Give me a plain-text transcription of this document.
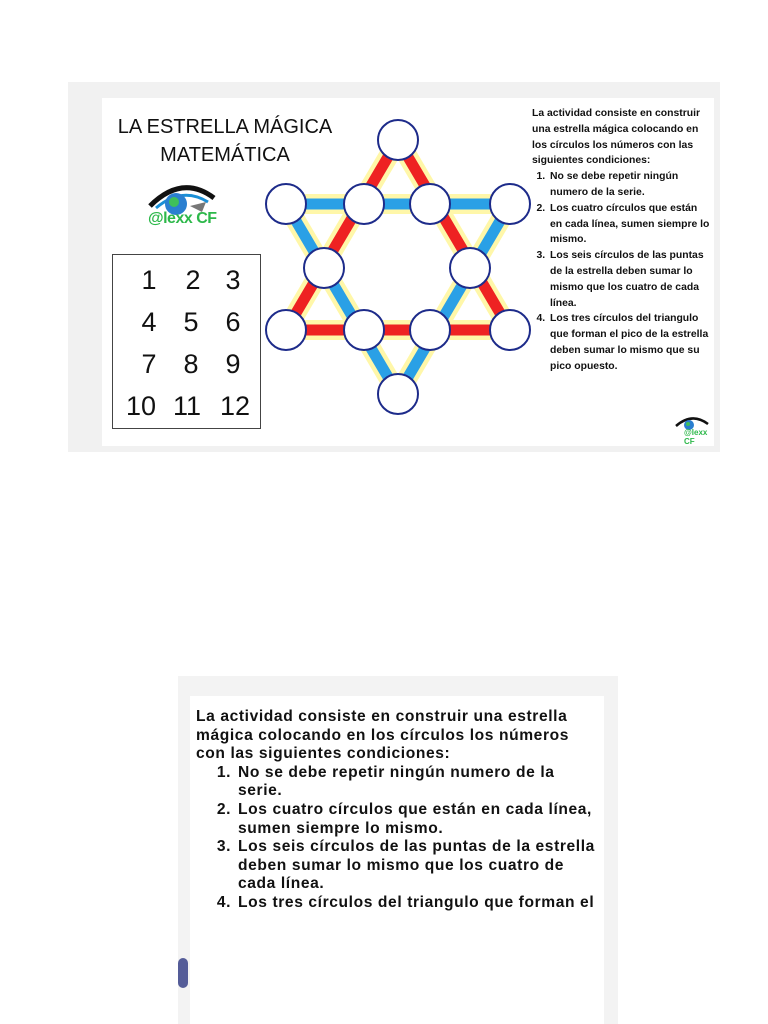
LA ESTRELLA MÁGICA
MATEMÁTICA
@lexx CF
1	2 3
4 5 6
7 8 9
10 11 12

La actividad consiste en construir una estrella mágica colocando en los círculos los números con las siguientes condiciones:

1. No se debe repetir ningún numero de la serie.
2. Los cuatro círculos que están en cada línea, sumen siempre lo mismo.
3. Los seis círculos de las puntas de la estrella deben sumar lo mismo que los cuatro de cada línea.
4. Los tres círculos del triangulo que forman el pico de la estrella deben sumar lo mismo que su pico opuesto.
@lexx CF

La actividad consiste en construir una estrella mágica colocando en los círculos los números con las siguientes condiciones:

1. No se debe repetir ningún numero de la serie.
2. Los cuatro círculos que están en cada línea, sumen siempre lo mismo.
3. Los seis círculos de las puntas de la estrella deben sumar lo mismo que los cuatro de cada línea.
4. Los tres círculos del triangulo que forman el
